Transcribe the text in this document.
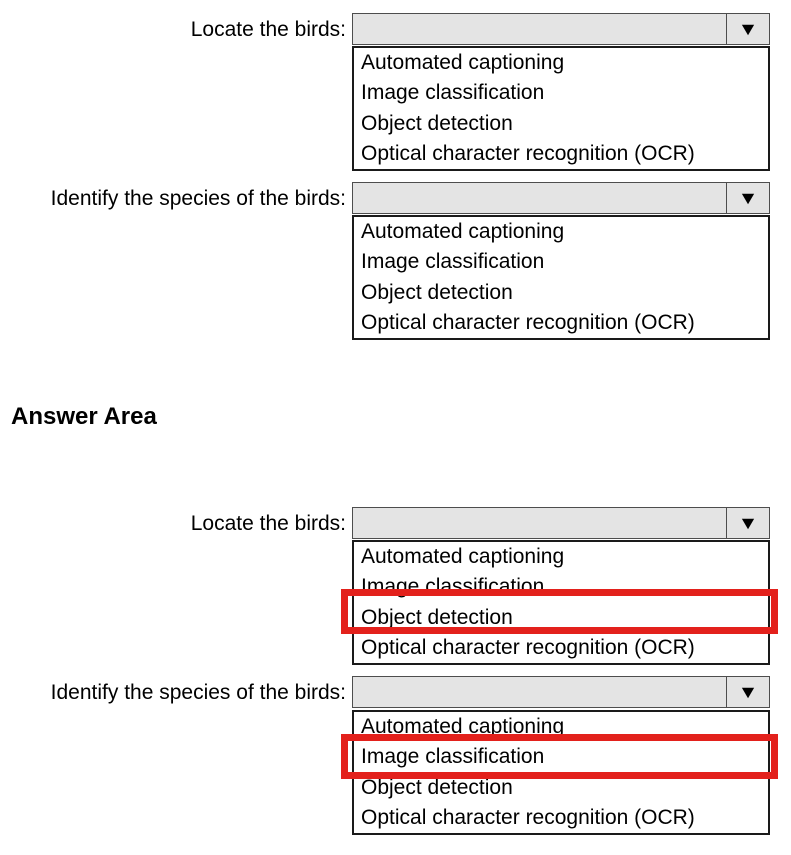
Locate the birds:	▼
Automated captioning
Image classification
Object detection
Optical character recognition (OCR)
Identify the species of the birds:	▼
Automated captioning
Image classification
Object detection
Optical character recognition (OCR)
Answer Area
Locate the birds:	▼
Automated captioning
Image classification
Object detection
Optical character recognition (OCR)
Identify the species of the birds:	▼
Automated captioning
Image classification
Object detection
Optical character recognition (OCR)
